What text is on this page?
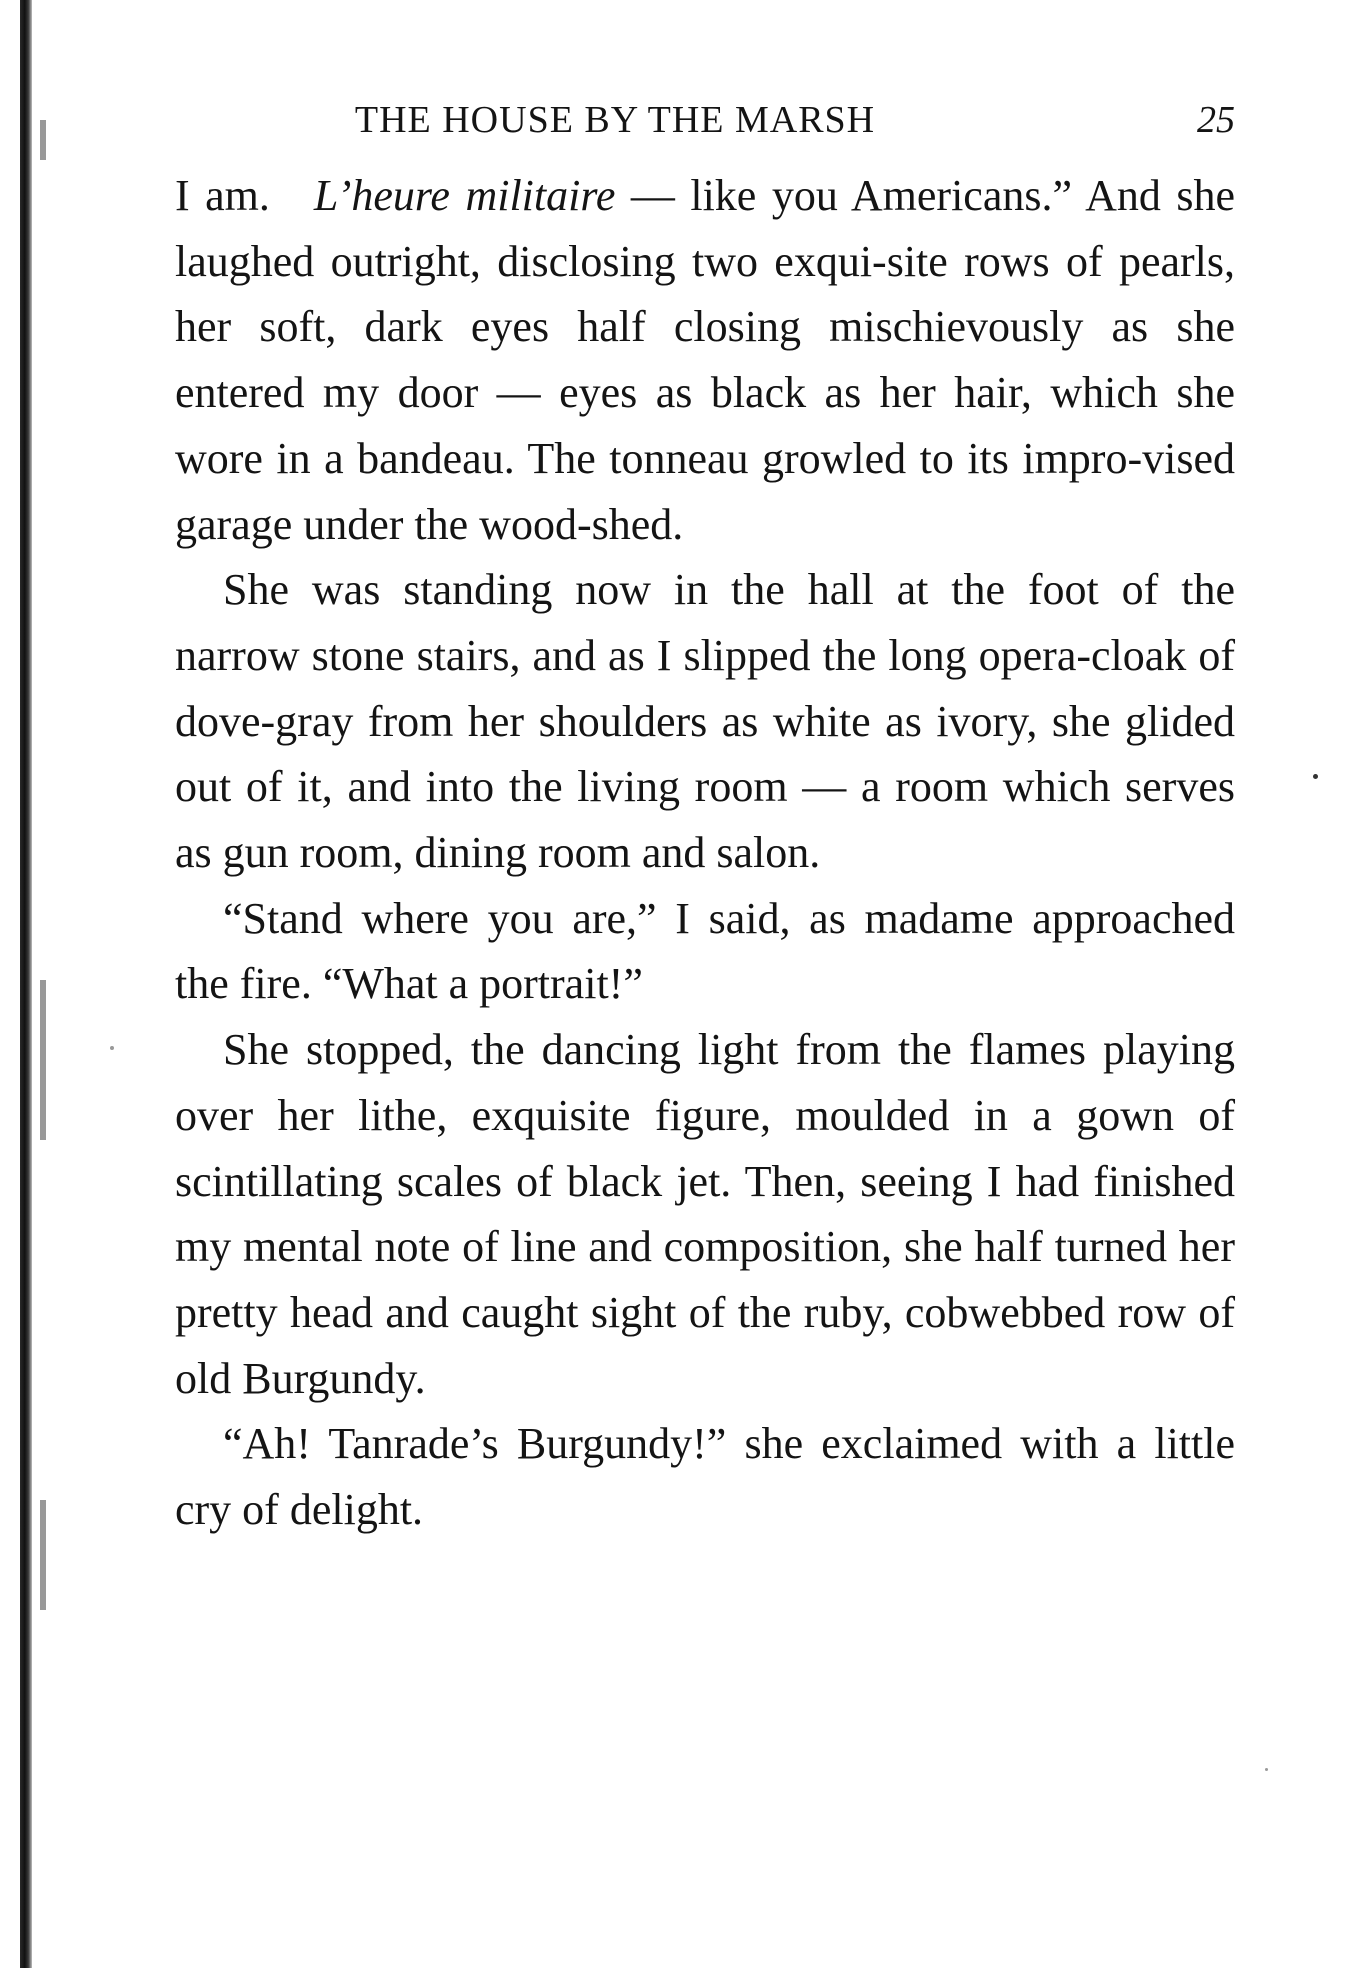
THE HOUSE BY THE MARSH	25

I am.  L’heure militaire — like you Americans.” And she laughed outright, disclosing two exqui-site rows of pearls, her soft, dark eyes half closing mischievously as she entered my door — eyes as black as her hair, which she wore in a bandeau. The tonneau growled to its impro-vised garage under the wood-shed.

She was standing now in the hall at the foot of the narrow stone stairs, and as I slipped the long opera-cloak of dove-gray from her shoulders as white as ivory, she glided out of it, and into the living room — a room which serves as gun room, dining room and salon.

“Stand where you are,” I said, as madame approached the fire. “What a portrait!”

She stopped, the dancing light from the flames playing over her lithe, exquisite figure, moulded in a gown of scintillating scales of black jet. Then, seeing I had finished my mental note of line and composition, she half turned her pretty head and caught sight of the ruby, cobwebbed row of old Burgundy.

“Ah! Tanrade’s Burgundy!” she exclaimed with a little cry of delight.
